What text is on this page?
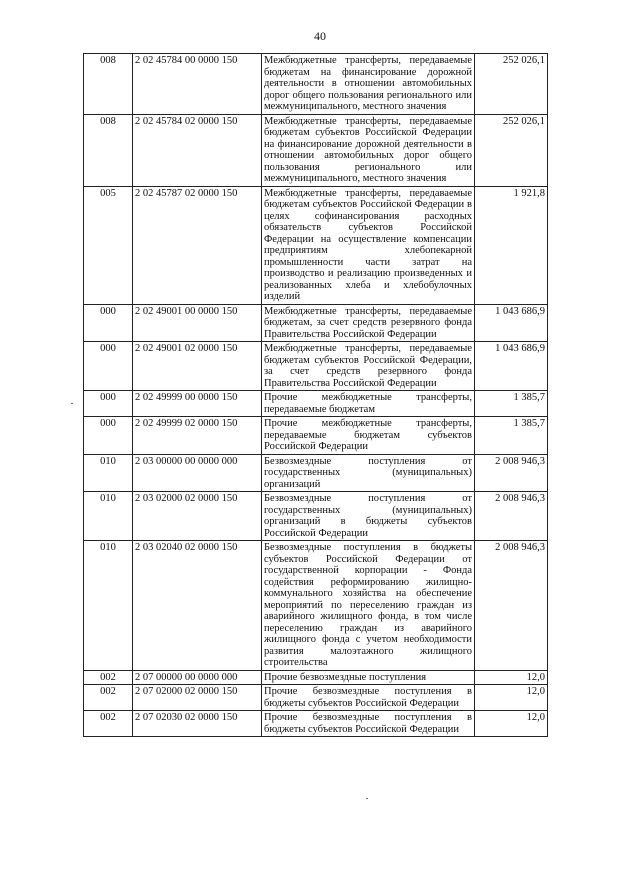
40
008	2 02 45784 00 0000 150	Межбюджетные трансферты, передаваемые бюджетам на финансирование дорожной деятельности в отношении автомобильных дорог общего пользования регионального или межмуниципального, местного значения	252 026,1
008	2 02 45784 02 0000 150	Межбюджетные трансферты, передаваемые бюджетам субъектов Российской Федерации на финансирование дорожной деятельности в отношении автомобильных дорог общего пользования регионального или межмуниципального, местного значения	252 026,1
005	2 02 45787 02 0000 150	Межбюджетные трансферты, передаваемые бюджетам субъектов Российской Федерации в целях софинансирования расходных обязательств субъектов Российской Федерации на осуществление компенсации предприятиям хлебопекарной промышленности части затрат на производство и реализацию произведенных и реализованных хлеба и хлебобулочных изделий	1 921,8
000	2 02 49001 00 0000 150	Межбюджетные трансферты, передаваемые бюджетам, за счет средств резервного фонда Правительства Российской Федерации	1 043 686,9
000	2 02 49001 02 0000 150	Межбюджетные трансферты, передаваемые бюджетам субъектов Российской Федерации, за счет средств резервного фонда Правительства Российской Федерации	1 043 686,9
000	2 02 49999 00 0000 150	Прочие межбюджетные трансферты, передаваемые бюджетам	1 385,7
000	2 02 49999 02 0000 150	Прочие межбюджетные трансферты, передаваемые бюджетам субъектов Российской Федерации	1 385,7
010	2 03 00000 00 0000 000	Безвозмездные поступления от государственных (муниципальных) организаций	2 008 946,3
010	2 03 02000 02 0000 150	Безвозмездные поступления от государственных (муниципальных) организаций в бюджеты субъектов Российской Федерации	2 008 946,3
010	2 03 02040 02 0000 150	Безвозмездные поступления в бюджеты субъектов Российской Федерации от государственной корпорации - Фонда содействия реформированию жилищно-коммунального хозяйства на обеспечение мероприятий по переселению граждан из аварийного жилищного фонда, в том числе переселению граждан из аварийного жилищного фонда с учетом необходимости развития малоэтажного жилищного строительства	2 008 946,3
002	2 07 00000 00 0000 000	Прочие безвозмездные поступления	12,0
002	2 07 02000 02 0000 150	Прочие безвозмездные поступления в бюджеты субъектов Российской Федерации	12,0
002	2 07 02030 02 0000 150	Прочие безвозмездные поступления в бюджеты субъектов Российской Федерации	12,0
